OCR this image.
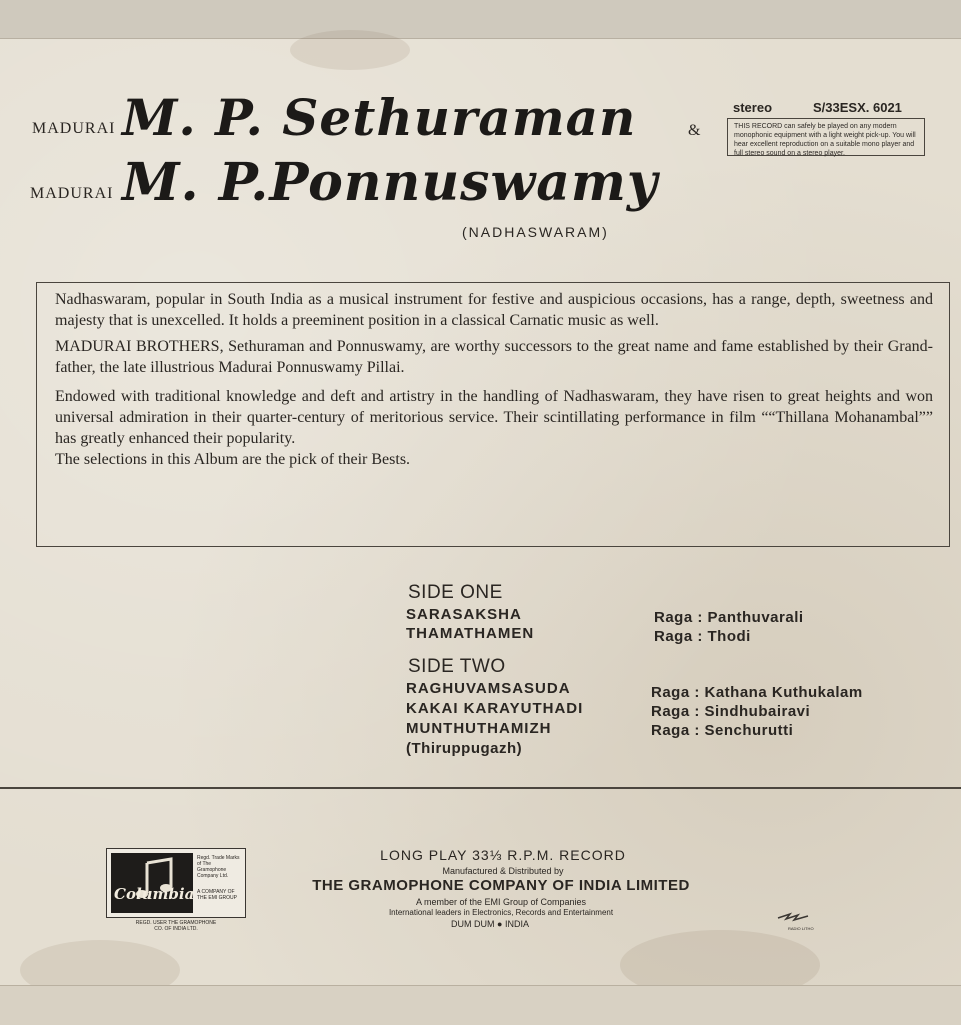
MADURAI M. P. Sethuraman	&
MADURAI M. P.Ponnuswamy
(NADHASWARAM)
stereo	S/33ESX. 6021
THIS RECORD can safely be played on any modern monophonic equipment with a light weight pick-up. You will hear excellent reproduction on a suitable mono player and full stereo sound on a stereo player.

Nadhaswaram, popular in South India as a musical instrument for festive and auspicious occasions, has a range, depth, sweetness and majesty that is unexcelled. It holds a preeminent position in a classical Carnatic music as well.

MADURAI BROTHERS, Sethuraman and Ponnuswamy, are worthy successors to the great name and fame established by their Grand-father, the late illustrious Madurai Ponnuswamy Pillai.

Endowed with traditional knowledge and deft and artistry in the handling of Nadhaswaram, they have risen to great heights and won universal admiration in their quarter-century of meritorious service. Their scintillating performance in film ““Thillana Mohanambal”” has greatly enhanced their popularity.

The selections in this Album are the pick of their Bests.

SIDE ONE
SARASAKSHA	Raga : Panthuvarali
THAMATHAMEN	Raga : Thodi
SIDE TWO
RAGHUVAMSASUDA	Raga : Kathana Kuthukalam
KAKAI KARAYUTHADI	Raga : Sindhubairavi
MUNTHUTHAMIZH	Raga : Senchurutti
(Thiruppugazh)
Columbia
Regd. Trade Marks of The Gramophone Company Ltd.
A COMPANY OF THE EMI GROUP
REGD. USER THE GRAMOPHONE CO. OF INDIA LTD.
LONG PLAY 33⅓ R.P.M. RECORD
Manufactured & Distributed by
THE GRAMOPHONE COMPANY OF INDIA LIMITED
A member of the EMI Group of Companies
International leaders in Electronics, Records and Entertainment
DUM DUM ● INDIA	RADIO LITHO
